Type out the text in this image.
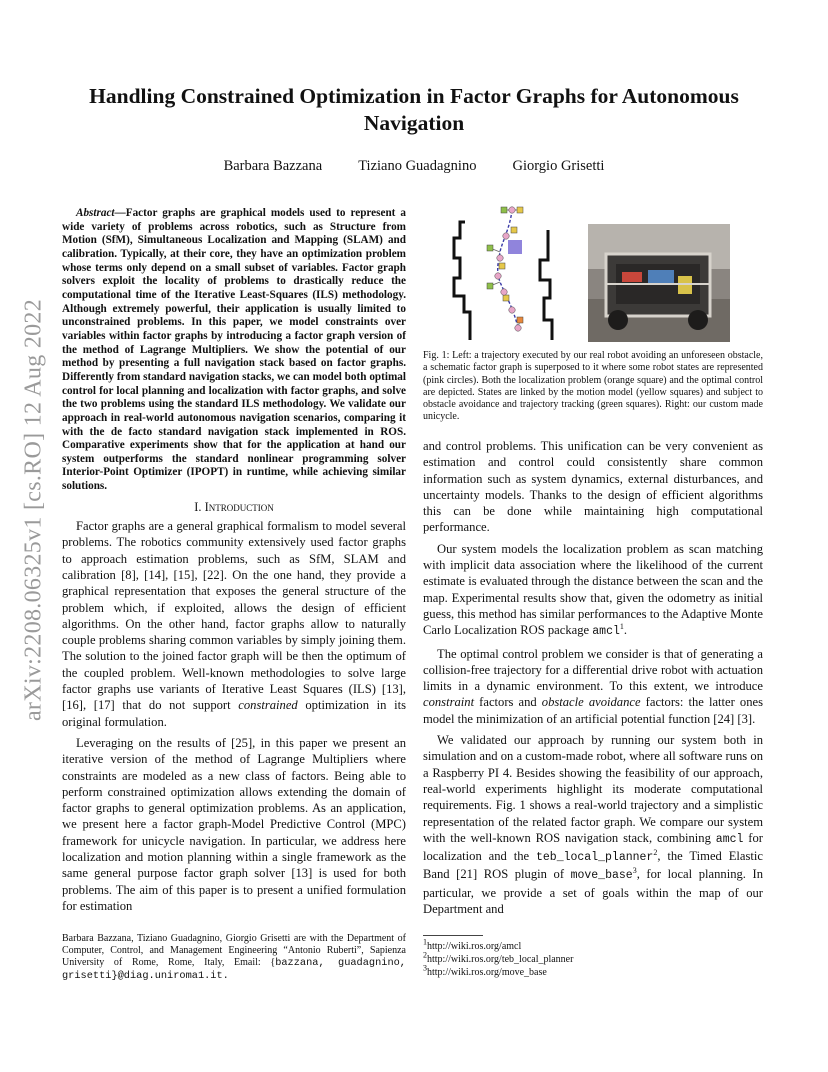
Handling Constrained Optimization in Factor Graphs for Autonomous Navigation
Barbara Bazzana Tiziano Guadagnino Giorgio Grisetti
arXiv:2208.06325v1 [cs.RO] 12 Aug 2022
Abstract—Factor graphs are graphical models used to represent a wide variety of problems across robotics, such as Structure from Motion (SfM), Simultaneous Localization and Mapping (SLAM) and calibration. Typically, at their core, they have an optimization problem whose terms only depend on a small subset of variables. Factor graph solvers exploit the locality of problems to drastically reduce the computational time of the Iterative Least-Squares (ILS) methodology. Although extremely powerful, their application is usually limited to unconstrained problems. In this paper, we model constraints over variables within factor graphs by introducing a factor graph version of the method of Lagrange Multipliers. We show the potential of our method by presenting a full navigation stack based on factor graphs. Differently from standard navigation stacks, we can model both optimal control for local planning and localization with factor graphs, and solve the two problems using the standard ILS methodology. We validate our approach in real-world autonomous navigation scenarios, comparing it with the de facto standard navigation stack implemented in ROS. Comparative experiments show that for the application at hand our system outperforms the standard nonlinear programming solver Interior-Point Optimizer (IPOPT) in runtime, while achieving similar solutions.
I. Introduction

Factor graphs are a general graphical formalism to model several problems. The robotics community extensively used factor graphs to approach estimation problems, such as SfM, SLAM and calibration [8], [14], [15], [22]. On the one hand, they provide a graphical representation that exposes the general structure of the problem which, if exploited, allows the design of efficient algorithms. On the other hand, factor graphs allow to naturally couple problems sharing common variables by simply joining them. The solution to the joined factor graph will be then the optimum of the coupled problem. Well-known methodologies to solve large factor graphs use variants of Iterative Least Squares (ILS) [13], [16], [17] that do not support constrained optimization in its original formulation.

Leveraging on the results of [25], in this paper we present an iterative version of the method of Lagrange Multipliers where constraints are modeled as a new class of factors. Being able to perform constrained optimization allows extending the domain of factor graphs to general optimization problems. As an application, we present here a factor graph-Model Predictive Control (MPC) framework for unicycle navigation. In particular, we address here localization and motion planning within a single framework as the same general purpose factor graph solver [13] is used for both problems. The aim of this paper is to present a unified formulation for estimation

Barbara Bazzana, Tiziano Guadagnino, Giorgio Grisetti are with the Department of Computer, Control, and Management Engineering “Antonio Ruberti”, Sapienza University of Rome, Rome, Italy, Email: {bazzana, guadagnino, grisetti}@diag.uniroma1.it.
Fig. 1: Left: a trajectory executed by our real robot avoiding an unforeseen obstacle, a schematic factor graph is superposed to it where some robot states are represented (pink circles). Both the localization problem (orange square) and the optimal control are depicted. States are linked by the motion model (yellow squares) and subject to obstacle avoidance and trajectory tracking (green squares). Right: our custom made unicycle.

and control problems. This unification can be very convenient as estimation and control could consistently share common information such as system dynamics, external disturbances, and uncertainty models. Thanks to the design of efficient algorithms this can be done while maintaining high computational performance.

Our system models the localization problem as scan matching with implicit data association where the likelihood of the current estimate is evaluated through the distance between the scan and the map. Experimental results show that, given the odometry as initial guess, this method has similar performances to the Adaptive Monte Carlo Localization ROS package amcl$^1$.

The optimal control problem we consider is that of generating a collision-free trajectory for a differential drive robot with actuation limits in a dynamic environment. To this extent, we introduce constraint factors and obstacle avoidance factors: the latter ones model the minimization of an artificial potential function [24] [3].

We validated our approach by running our system both in simulation and on a custom-made robot, where all software runs on a Raspberry PI 4. Besides showing the feasibility of our approach, real-world experiments highlight its moderate computational requirements. Fig. 1 shows a real-world trajectory and a simplistic representation of the related factor graph. We compare our system with the well-known ROS navigation stack, combining amcl for localization and the teb_local_planner$^2$, the Timed Elastic Band [21] ROS plugin of move_base$^3$, for local planning. In particular, we provide a set of goals within the map of our Department and

$^1$http://wiki.ros.org/amcl
$^2$http://wiki.ros.org/teb_local_planner
$^3$http://wiki.ros.org/move_base
